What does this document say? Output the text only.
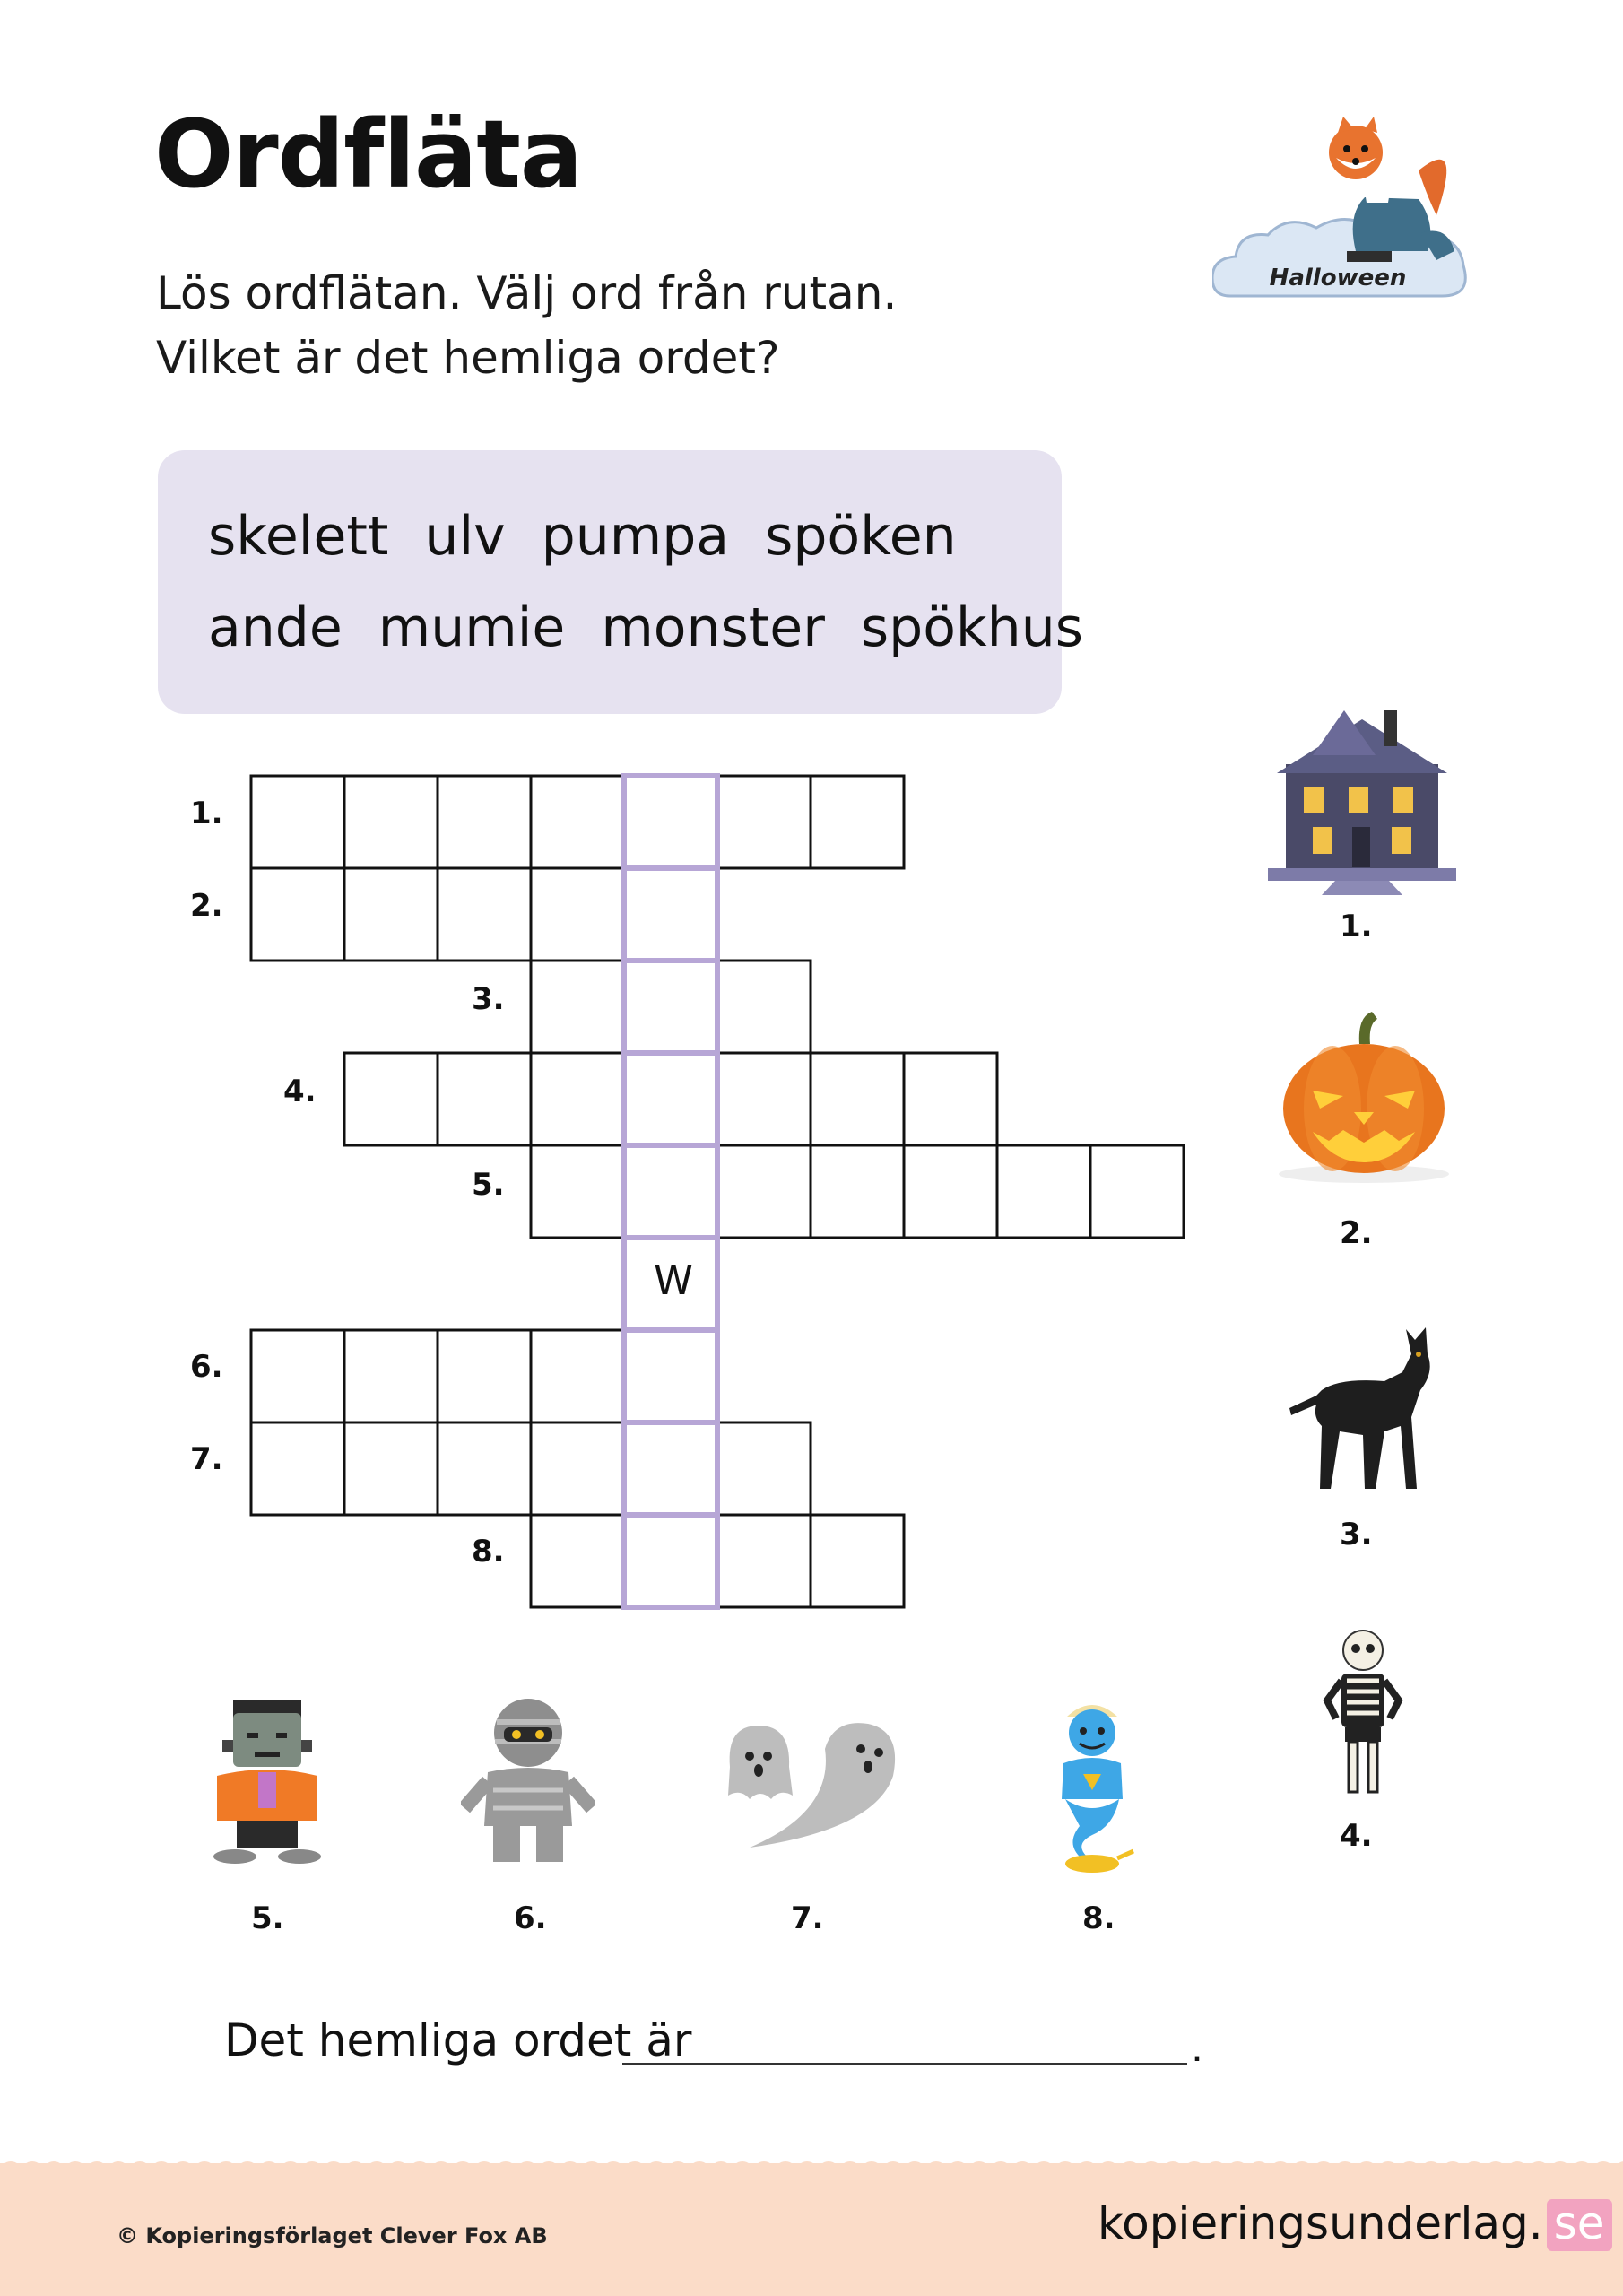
Ordfläta
Lös ordflätan. Välj ord från rutan.
Vilket är det hemliga ordet?
Halloween
skelett ulv pumpa spöken
ande mumie monster spökhus
W
1.
2.
3.
4.
5.
6.
7.
8.
1.
2.
3.
4.
5.	6.	7.	8.
Det hemliga ordet är	.
© Kopieringsförlaget Clever Fox AB	kopieringsunderlag. se
